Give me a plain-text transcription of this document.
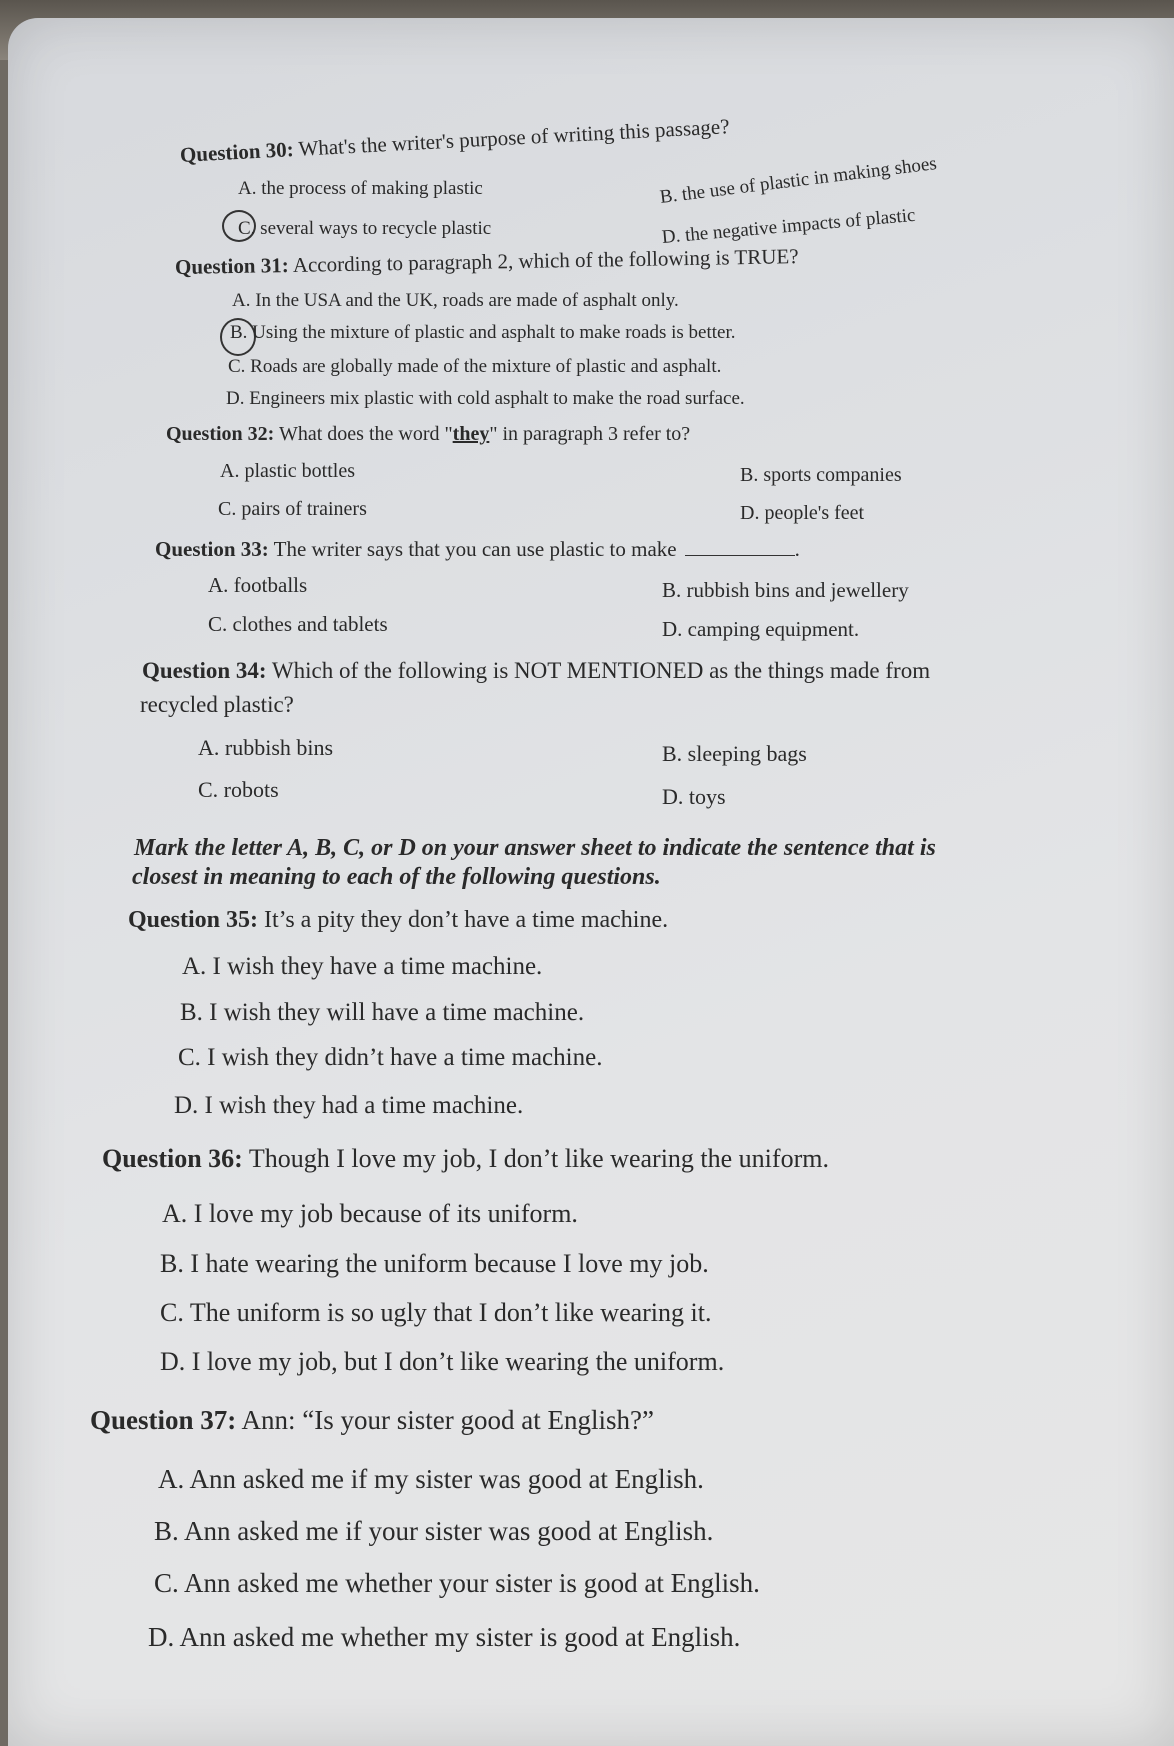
Question 30: What's the writer's purpose of writing this passage?
A. the process of making plastic	B. the use of plastic in making shoes
C. several ways to recycle plastic	D. the negative impacts of plastic
Question 31: According to paragraph 2, which of the following is TRUE?
A. In the USA and the UK, roads are made of asphalt only.
B. Using the mixture of plastic and asphalt to make roads is better.
C. Roads are globally made of the mixture of plastic and asphalt.
D. Engineers mix plastic with cold asphalt to make the road surface.
Question 32: What does the word "they" in paragraph 3 refer to?
A. plastic bottles	B. sports companies
C. pairs of trainers	D. people's feet
Question 33: The writer says that you can use plastic to make	.
A. footballs	B. rubbish bins and jewellery
C. clothes and tablets	D. camping equipment.
Question 34: Which of the following is NOT MENTIONED as the things made from
recycled plastic?
A. rubbish bins	B. sleeping bags
C. robots	D. toys
Mark the letter A, B, C, or D on your answer sheet to indicate the sentence that is
closest in meaning to each of the following questions.
Question 35: It’s a pity they don’t have a time machine.
A. I wish they have a time machine.
B. I wish they will have a time machine.
C. I wish they didn’t have a time machine.
D. I wish they had a time machine.
Question 36: Though I love my job, I don’t like wearing the uniform.
A. I love my job because of its uniform.
B. I hate wearing the uniform because I love my job.
C. The uniform is so ugly that I don’t like wearing it.
D. I love my job, but I don’t like wearing the uniform.
Question 37: Ann: “Is your sister good at English?”
A. Ann asked me if my sister was good at English.
B. Ann asked me if your sister was good at English.
C. Ann asked me whether your sister is good at English.
D. Ann asked me whether my sister is good at English.
